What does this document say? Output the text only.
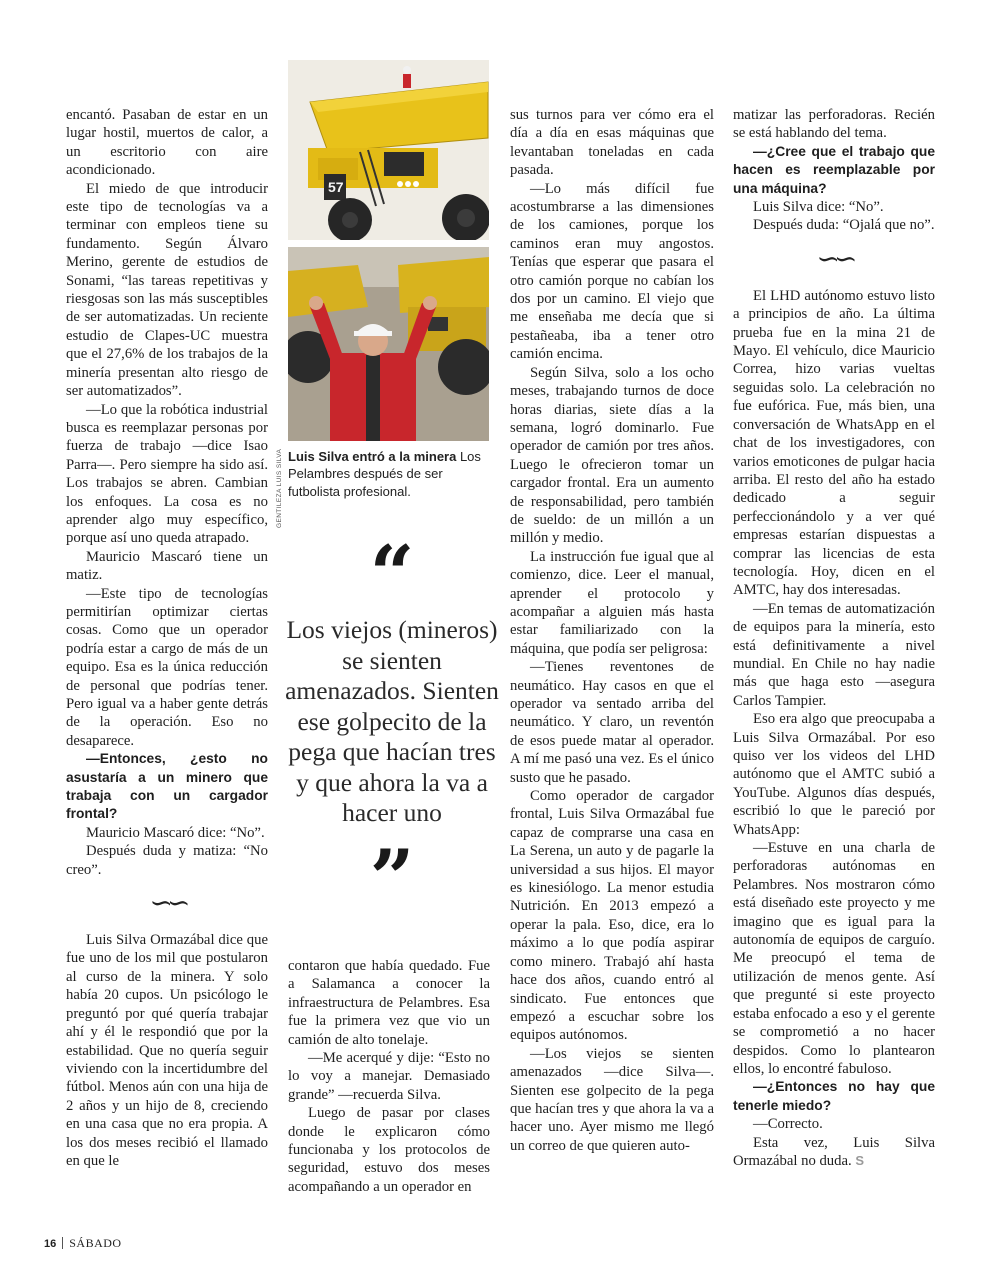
encantó. Pasaban de estar en un lugar hostil, muertos de calor, a un escritorio con aire acondicionado.

El miedo de que introducir este tipo de tecnologías va a terminar con empleos tiene su fundamento. Según Álvaro Merino, gerente de estudios de Sonami, “las tareas repetitivas y riesgosas son las más susceptibles de ser automatizadas. Un reciente estudio de Clapes-UC muestra que el 27,6% de los trabajos de la minería presentan alto riesgo de ser automatizados”.

—Lo que la robótica industrial busca es reemplazar personas por fuerza de trabajo —dice Isao Parra—. Pero siempre ha sido así. Los trabajos se abren. Cambian los enfoques. La cosa es no aprender algo muy específico, porque así uno queda atrapado.

Mauricio Mascaró tiene un matiz.

—Este tipo de tecnologías permitirían optimizar ciertas cosas. Como que un operador podría estar a cargo de más de un equipo. Esa es la única reducción de personal que podrías tener. Pero igual va a haber gente detrás de la operación. Eso no desaparece.

—Entonces, ¿esto no asustaría a un minero que trabaja con un cargador frontal?

Mauricio Mascaró dice: “No”.

Después duda y matiza: “No creo”.

∽∽

Luis Silva Ormazábal dice que fue uno de los mil que postularon al curso de la minera. Y solo había 20 cupos. Un psicólogo le preguntó por qué quería trabajar ahí y él le respondió que por la estabilidad. Que no quería seguir viviendo con la incertidumbre del fútbol. Menos aún con una hija de 2 años y un hijo de 8, creciendo en una casa que no era propia. A los dos meses recibió el llamado en que le

57
GENTILEZA LUIS SILVA Luis Silva entró a la minera Los Pelambres después de ser futbolista profesional.
“
Los viejos (mineros) se sienten amenazados. Sienten ese golpecito de la pega que hacían tres y que ahora la va a hacer uno
”

contaron que había quedado. Fue a Salamanca a conocer la infraestructura de Pelambres. Esa fue la primera vez que vio un camión de alto tonelaje.

—Me acerqué y dije: “Esto no lo voy a manejar. Demasiado grande” —recuerda Silva.

Luego de pasar por clases donde le explicaron cómo funcionaba y los protocolos de seguridad, estuvo dos meses acompañando a un operador en

sus turnos para ver cómo era el día a día en esas máquinas que levantaban toneladas en cada pasada.

—Lo más difícil fue acostumbrarse a las dimensiones de los camiones, porque los caminos eran muy angostos. Tenías que esperar que pasara el otro camión porque no cabían los dos por un camino. El viejo que me enseñaba me decía que si pestañeaba, iba a tener otro camión encima.

Según Silva, solo a los ocho meses, trabajando turnos de doce horas diarias, siete días a la semana, logró dominarlo. Fue operador de camión por tres años. Luego le ofrecieron tomar un cargador frontal. Era un aumento de responsabilidad, pero también de sueldo: de un millón a un millón y medio.

La instrucción fue igual que al comienzo, dice. Leer el manual, aprender el protocolo y acompañar a alguien más hasta estar familiarizado con la máquina, que podía ser peligrosa:

—Tienes reventones de neumático. Hay casos en que el operador va sentado arriba del neumático. Y claro, un reventón de esos puede matar al operador. A mí me pasó una vez. Es el único susto que he pasado.

Como operador de cargador frontal, Luis Silva Ormazábal fue capaz de comprarse una casa en La Serena, un auto y de pagarle la universidad a sus hijos. El mayor es kinesiólogo. La menor estudia Nutrición. En 2013 empezó a operar la pala. Eso, dice, era lo máximo a lo que podía aspirar como minero. Trabajó ahí hasta hace dos años, cuando entró al sindicato. Fue entonces que empezó a escuchar sobre los equipos autónomos.

—Los viejos se sienten amenazados —dice Silva—. Sienten ese golpecito de la pega que hacían tres y que ahora la va a hacer uno. Ayer mismo me llegó un correo de que quieren auto-

matizar las perforadoras. Recién se está hablando del tema.

—¿Cree que el trabajo que hacen es reemplazable por una máquina?

Luis Silva dice: “No”.

Después duda: “Ojalá que no”.

∽∽

El LHD autónomo estuvo listo a principios de año. La última prueba fue en la mina 21 de Mayo. El vehículo, dice Mauricio Correa, hizo varias vueltas seguidas solo. La celebración no fue eufórica. Fue, más bien, una conversación de WhatsApp en el chat de los investigadores, con varios emoticones de pulgar hacia arriba. El resto del año ha estado dedicado a seguir perfeccionándolo y a ver qué empresas estarían dispuestas a comprar las licencias de esta tecnología. Hoy, dicen en el AMTC, hay dos interesadas.

—En temas de automatización de equipos para la minería, esto está definitivamente a nivel mundial. En Chile no hay nadie más que haga esto —asegura Carlos Tampier.

Eso era algo que preocupaba a Luis Silva Ormazábal. Por eso quiso ver los videos del LHD autónomo que el AMTC subió a YouTube. Algunos días después, escribió lo que le pareció por WhatsApp:

—Estuve en una charla de perforadoras autónomas en Pelambres. Nos mostraron cómo está diseñado este proyecto y me imagino que es igual para la autonomía de equipos de carguío. Me preocupó el tema de utilización de menos gente. Así que pregunté si este proyecto estaba enfocado a eso y el gerente se comprometió a no hacer despidos. Como lo plantearon ellos, lo encontré fabuloso.

—¿Entonces no hay que tenerle miedo?

—Correcto.

Esta vez, Luis Silva Ormazábal no duda. S

16 SÁBADO
